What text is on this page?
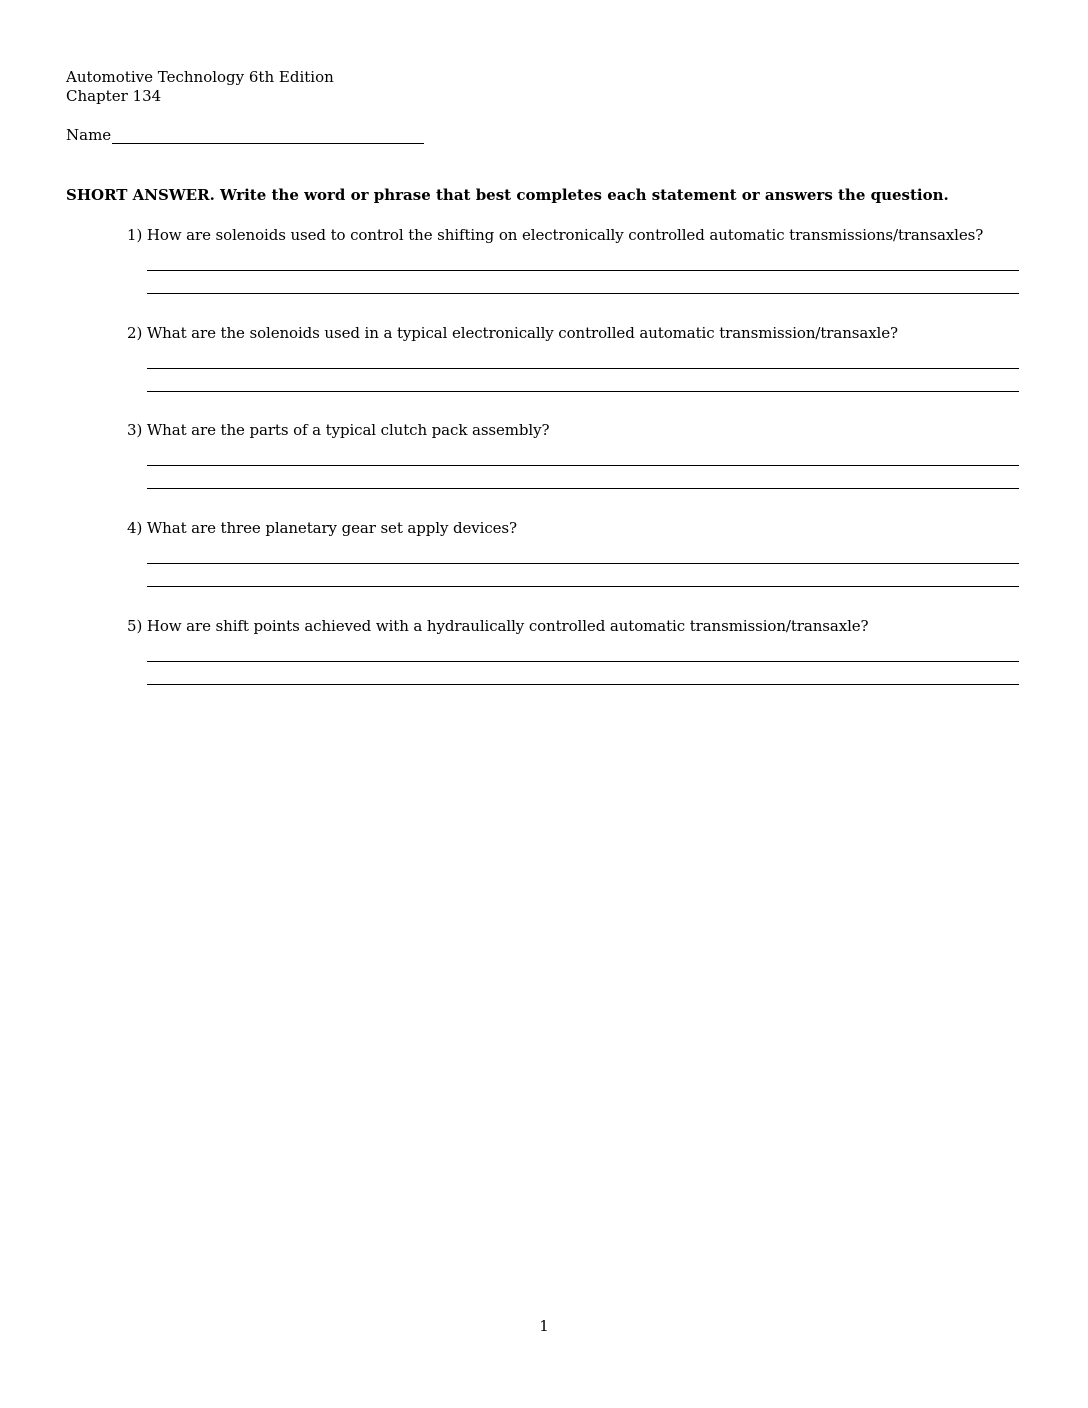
Automotive Technology 6th Edition
Chapter 134
Name
SHORT ANSWER. Write the word or phrase that best completes each statement or answers the question.
1) How are solenoids used to control the shifting on electronically controlled automatic transmissions/transaxles?
2) What are the solenoids used in a typical electronically controlled automatic transmission/transaxle?
3) What are the parts of a typical clutch pack assembly?
4) What are three planetary gear set apply devices?
5) How are shift points achieved with a hydraulically controlled automatic transmission/transaxle?
1
